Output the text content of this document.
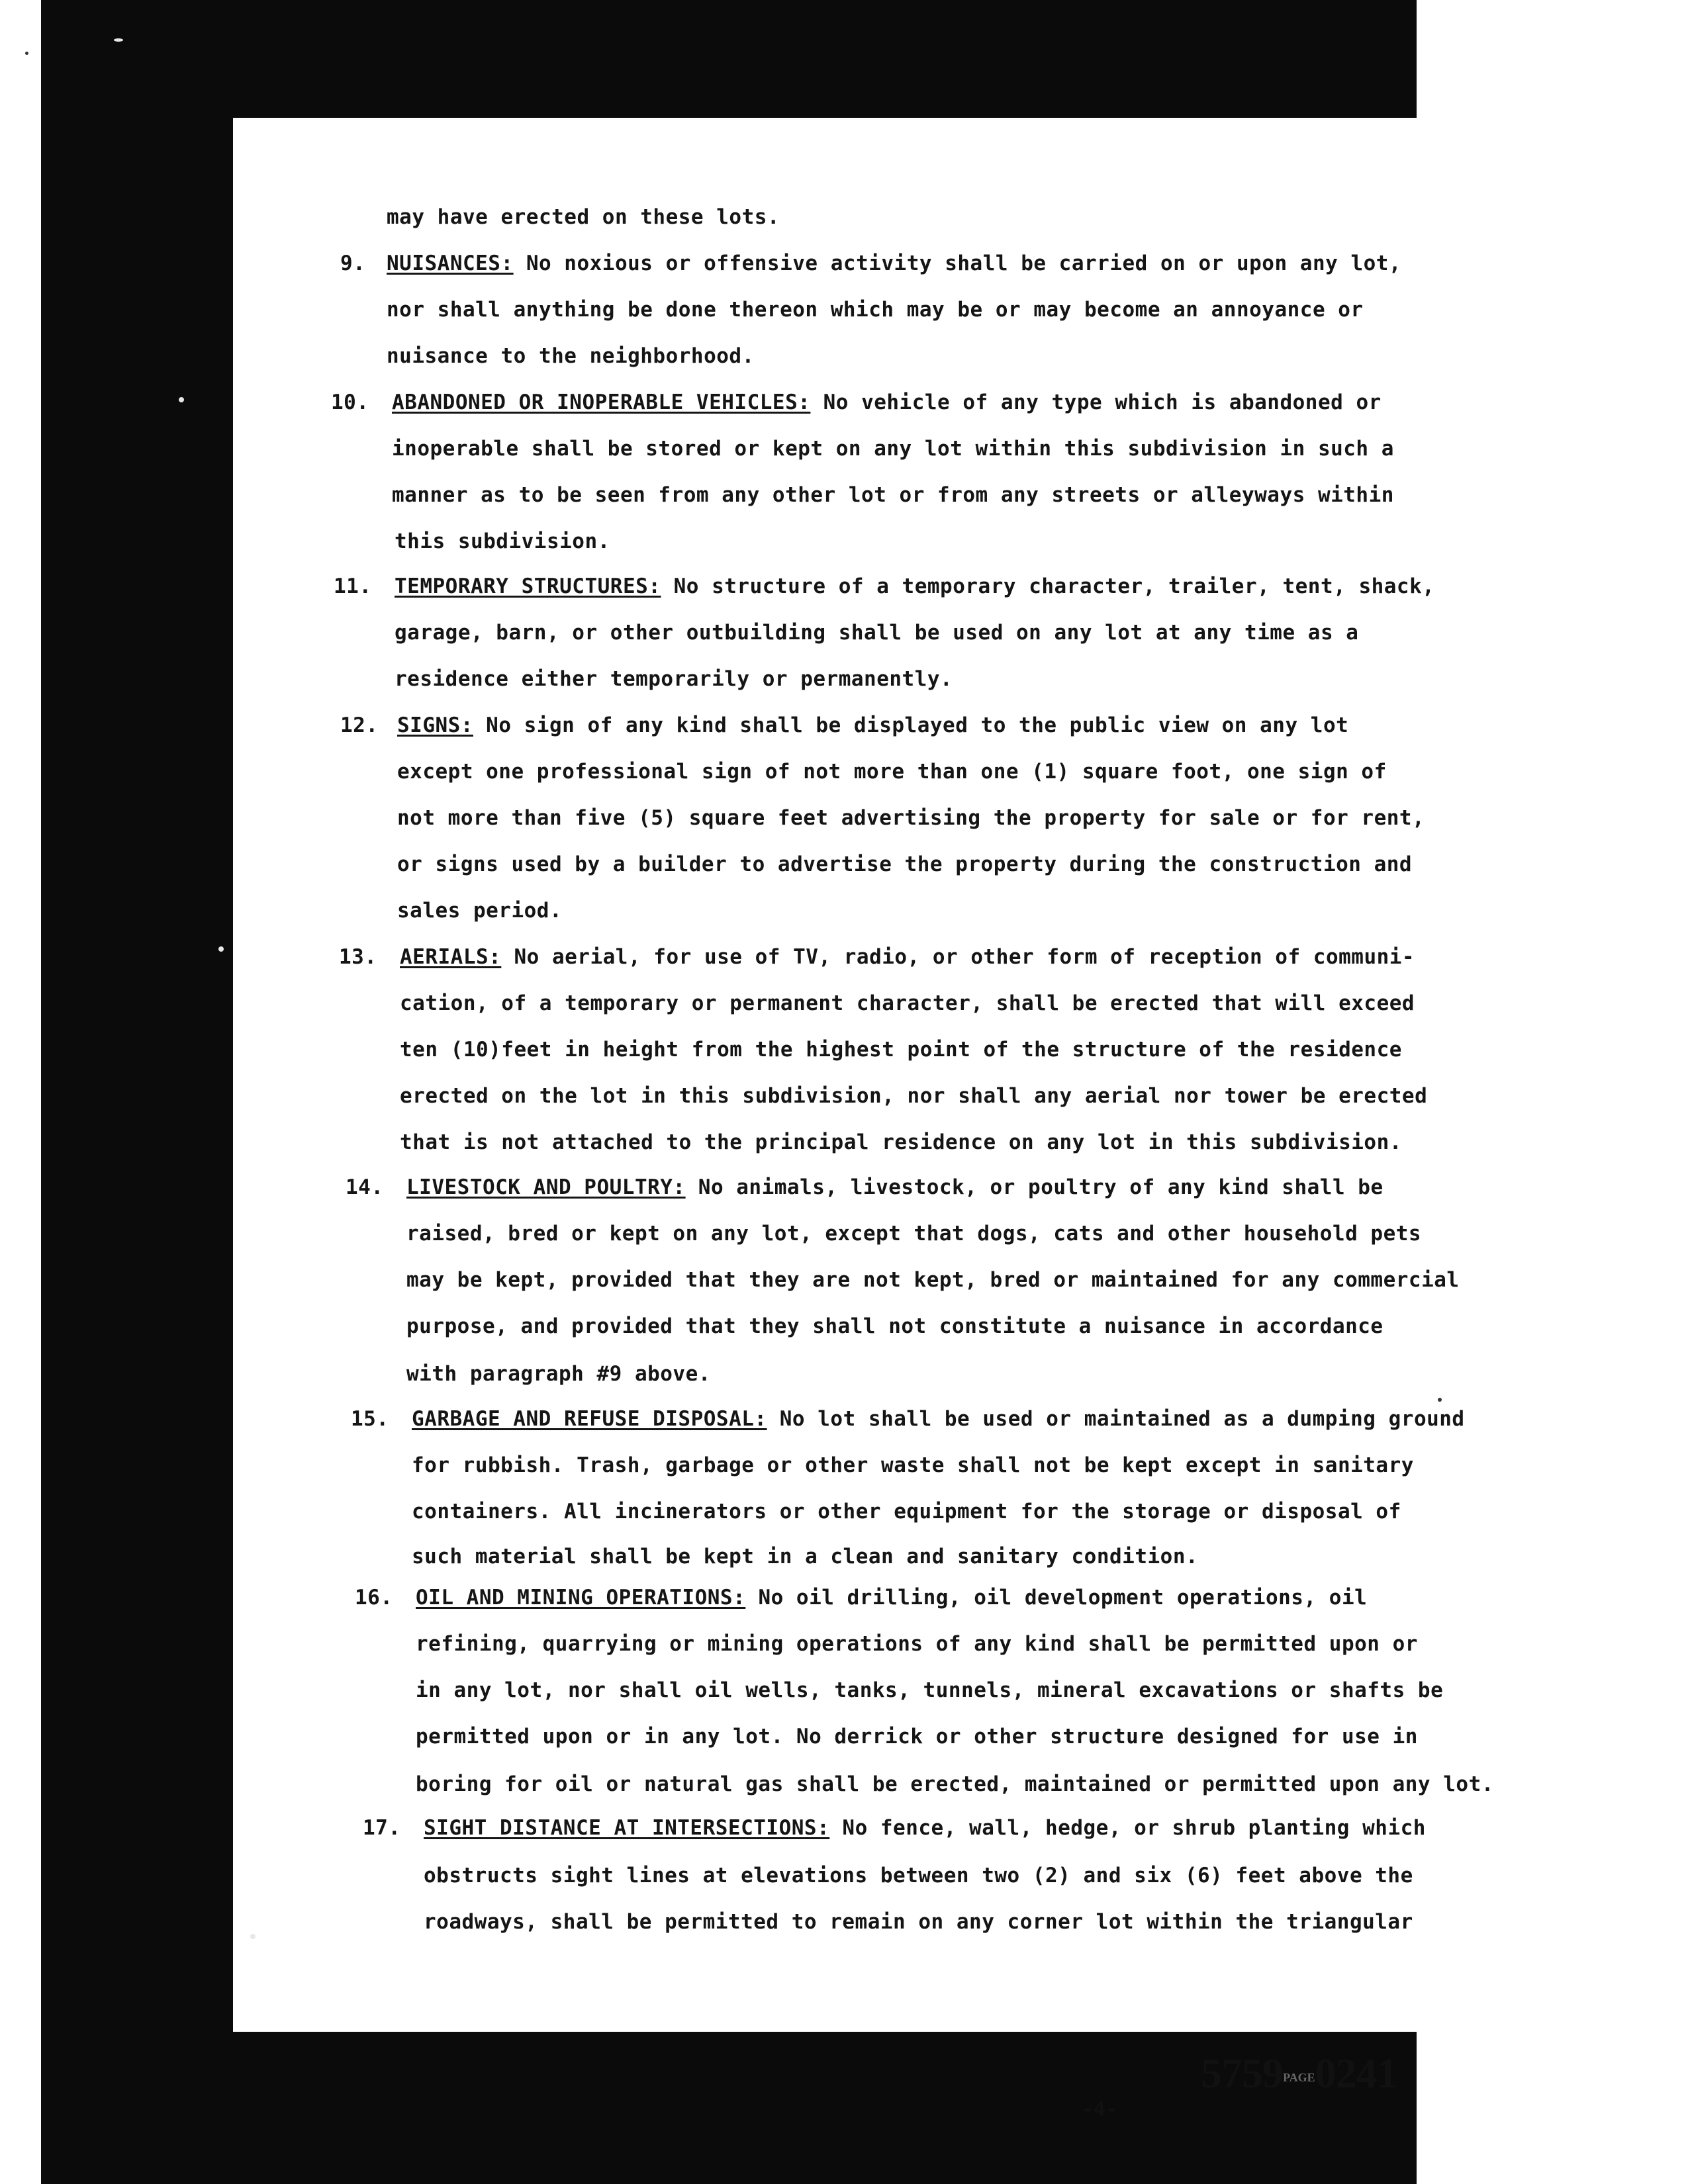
may have erected on these lots.
NUISANCES: No noxious or offensive activity shall be carried on or upon any lot,
nor shall anything be done thereon which may be or may become an annoyance or
nuisance to the neighborhood.
9.
ABANDONED OR INOPERABLE VEHICLES: No vehicle of any type which is abandoned or
inoperable shall be stored or kept on any lot within this subdivision in such a
manner as to be seen from any other lot or from any streets or alleyways within
this subdivision.
10.
TEMPORARY STRUCTURES: No structure of a temporary character, trailer, tent, shack,
garage, barn, or other outbuilding shall be used on any lot at any time as a
residence either temporarily or permanently.
11.
SIGNS: No sign of any kind shall be displayed to the public view on any lot
except one professional sign of not more than one (1) square foot, one sign of
not more than five (5) square feet advertising the property for sale or for rent,
or signs used by a builder to advertise the property during the construction and
sales period.
12.
AERIALS: No aerial, for use of TV, radio, or other form of reception of communi-
cation, of a temporary or permanent character, shall be erected that will exceed
ten (10)feet in height from the highest point of the structure of the residence
erected on the lot in this subdivision, nor shall any aerial nor tower be erected
that is not attached to the principal residence on any lot in this subdivision.
13.
LIVESTOCK AND POULTRY: No animals, livestock, or poultry of any kind shall be
raised, bred or kept on any lot, except that dogs, cats and other household pets
may be kept, provided that they are not kept, bred or maintained for any commercial
purpose, and provided that they shall not constitute a nuisance in accordance
with paragraph #9 above.
14.
GARBAGE AND REFUSE DISPOSAL: No lot shall be used or maintained as a dumping ground
for rubbish. Trash, garbage or other waste shall not be kept except in sanitary
containers. All incinerators or other equipment for the storage or disposal of
such material shall be kept in a clean and sanitary condition.
15.
OIL AND MINING OPERATIONS: No oil drilling, oil development operations, oil
refining, quarrying or mining operations of any kind shall be permitted upon or
in any lot, nor shall oil wells, tanks, tunnels, mineral excavations or shafts be
permitted upon or in any lot. No derrick or other structure designed for use in
boring for oil or natural gas shall be erected, maintained or permitted upon any lot.
16.
SIGHT DISTANCE AT INTERSECTIONS: No fence, wall, hedge, or shrub planting which
obstructs sight lines at elevations between two (2) and six (6) feet above the
roadways, shall be permitted to remain on any corner lot within the triangular
17.
5759PAGE0241
-4-
